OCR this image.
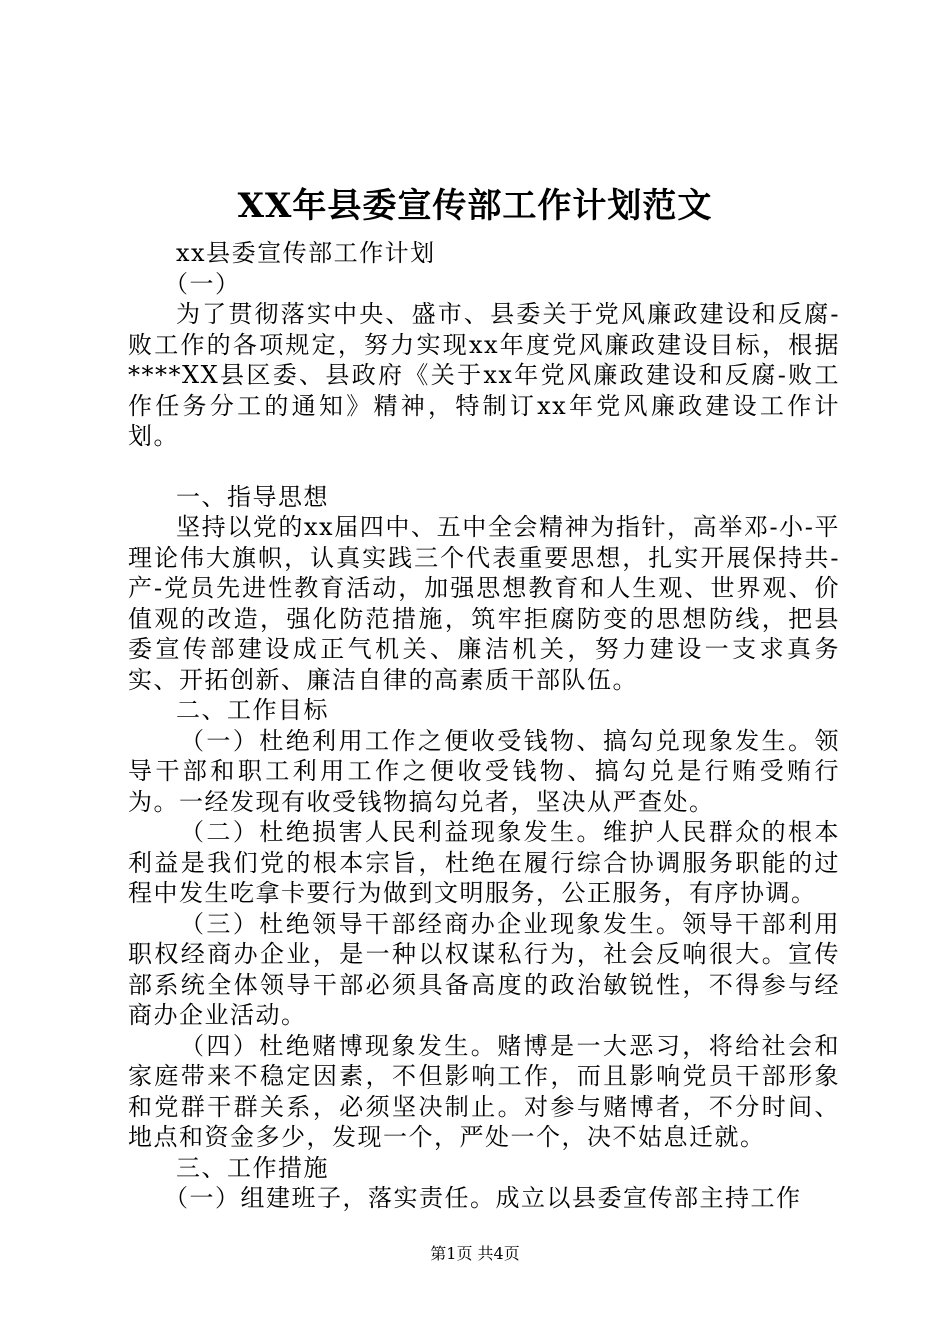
XX年县委宣传部工作计划范文

xx县委宣传部工作计划

（一）

为了贯彻落实中央、盛市、县委关于党风廉政建设和反腐-败工作的各项规定，努力实现xx年度党风廉政建设目标，根据****XX县区委、县政府《关于xx年党风廉政建设和反腐-败工作任务分工的通知》精神，特制订xx年党风廉政建设工作计划。

一、指导思想

坚持以党的xx届四中、五中全会精神为指针，高举邓-小-平理论伟大旗帜，认真实践三个代表重要思想，扎实开展保持共-产-党员先进性教育活动，加强思想教育和人生观、世界观、价值观的改造，强化防范措施，筑牢拒腐防变的思想防线，把县委宣传部建设成正气机关、廉洁机关，努力建设一支求真务实、开拓创新、廉洁自律的高素质干部队伍。

二、工作目标

（一）杜绝利用工作之便收受钱物、搞勾兑现象发生。领导干部和职工利用工作之便收受钱物、搞勾兑是行贿受贿行为。一经发现有收受钱物搞勾兑者，坚决从严查处。

（二）杜绝损害人民利益现象发生。维护人民群众的根本利益是我们党的根本宗旨，杜绝在履行综合协调服务职能的过程中发生吃拿卡要行为做到文明服务，公正服务，有序协调。

（三）杜绝领导干部经商办企业现象发生。领导干部利用职权经商办企业，是一种以权谋私行为，社会反响很大。宣传部系统全体领导干部必须具备高度的政治敏锐性，不得参与经商办企业活动。

（四）杜绝赌博现象发生。赌博是一大恶习，将给社会和家庭带来不稳定因素，不但影响工作，而且影响党员干部形象和党群干群关系，必须坚决制止。对参与赌博者，不分时间、地点和资金多少，发现一个，严处一个，决不姑息迁就。

三、工作措施

（一）组建班子，落实责任。成立以县委宣传部主持工作

第1页 共4页
